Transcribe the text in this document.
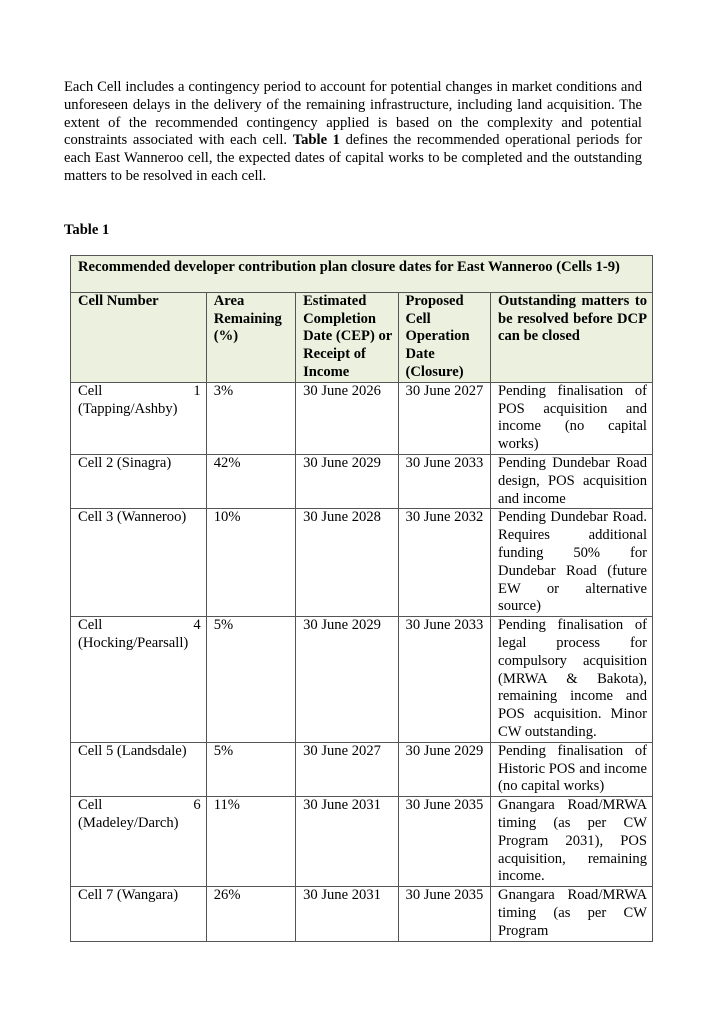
Each Cell includes a contingency period to account for potential changes in market conditions and unforeseen delays in the delivery of the remaining infrastructure, including land acquisition. The extent of the recommended contingency applied is based on the complexity and potential constraints associated with each cell. Table 1 defines the recommended operational periods for each East Wanneroo cell, the expected dates of capital works to be completed and the outstanding matters to be resolved in each cell.

Table 1

Recommended developer contribution plan closure dates for East Wanneroo (Cells 1-9)				
Cell Number	Area Remaining (%)	Estimated Completion Date (CEP) or Receipt of Income	Proposed Cell Operation Date (Closure)	Outstanding matters to be resolved before DCP can be closed
Cell 1 (Tapping/Ashby)	3%	30 June 2026	30 June 2027	Pending finalisation of POS acquisition and income (no capital works)
Cell 2 (Sinagra)	42%	30 June 2029	30 June 2033	Pending Dundebar Road design, POS acquisition and income
Cell 3 (Wanneroo)	10%	30 June 2028	30 June 2032	Pending Dundebar Road. Requires additional funding 50% for Dundebar Road (future EW or alternative source)
Cell 4 (Hocking/Pearsall)	5%	30 June 2029	30 June 2033	Pending finalisation of legal process for compulsory acquisition (MRWA & Bakota), remaining income and POS acquisition. Minor CW outstanding.
Cell 5 (Landsdale)	5%	30 June 2027	30 June 2029	Pending finalisation of Historic POS and income (no capital works)
Cell 6 (Madeley/Darch)	11%	30 June 2031	30 June 2035	Gnangara Road/MRWA timing (as per CW Program 2031), POS acquisition, remaining income.
Cell 7 (Wangara)	26%	30 June 2031	30 June 2035	Gnangara Road/MRWA timing (as per CW Program
